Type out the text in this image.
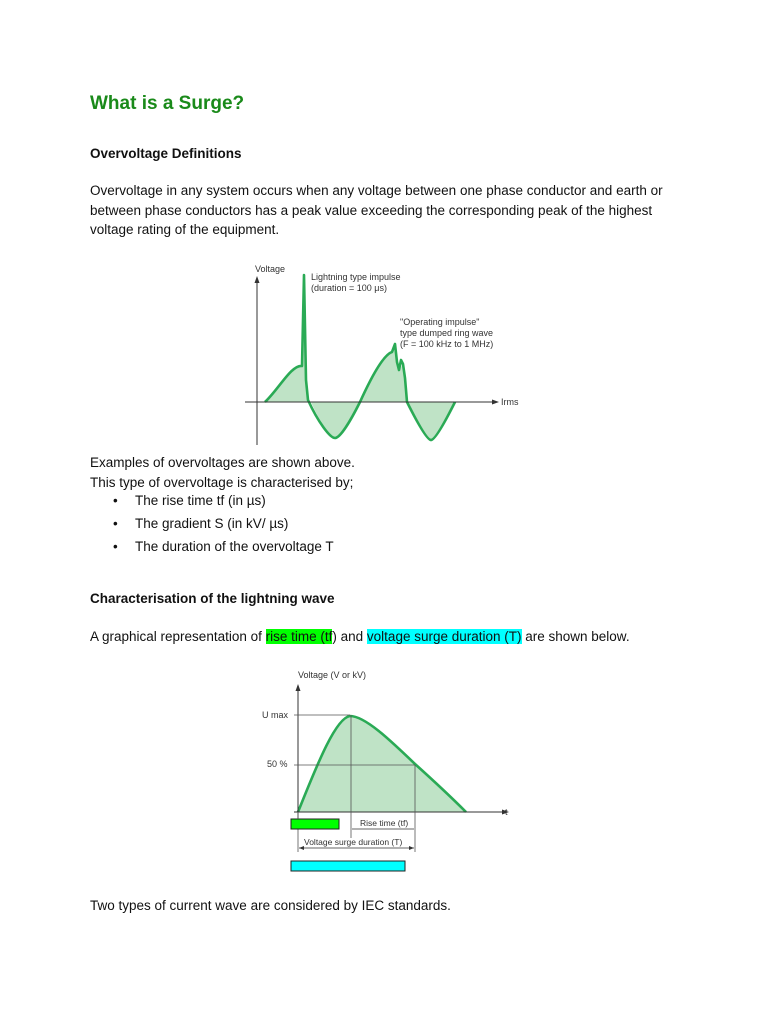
What is a Surge?
Overvoltage Definitions
Overvoltage in any system occurs when any voltage between one phase conductor and earth or between phase conductors has a peak value exceeding the corresponding peak of the highest voltage rating of the equipment.
Voltage
Irms
Lightning type impulse
(duration = 100 μs)
"Operating impulse"
type dumped ring wave
(F = 100 kHz to 1 MHz)
Examples of overvoltages are shown above.
This type of overvoltage is characterised by;
• The rise time tf (in µs)
• The gradient S (in kV/ µs)
• The duration of the overvoltage T
Characterisation of the lightning wave
A graphical representation of rise time (tf) and voltage surge duration (T) are shown below.
Voltage (V or kV)
t
U max
50 %
Rise time (tf)
Voltage surge duration (T)
Two types of current wave are considered by IEC standards.
